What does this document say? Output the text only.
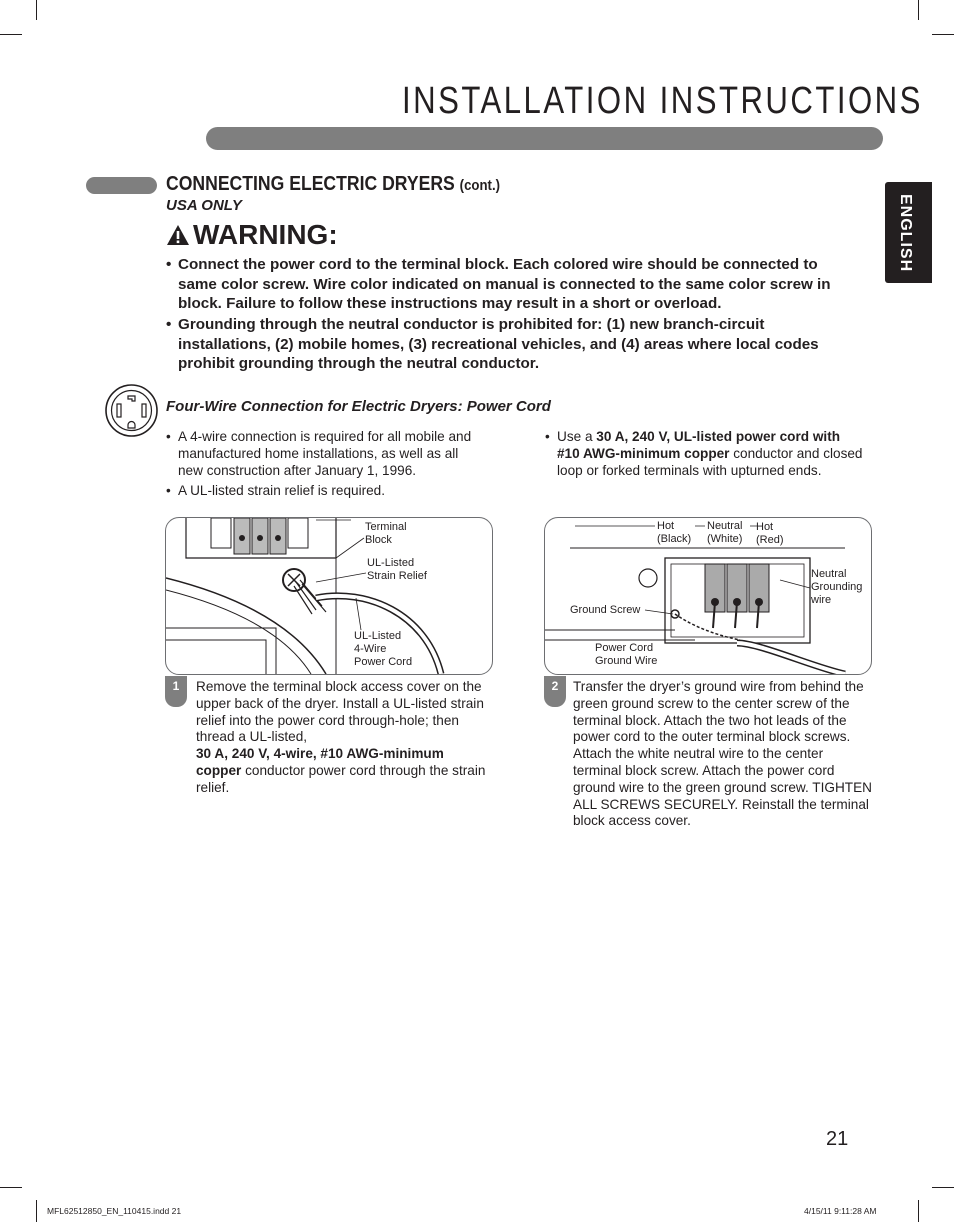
INSTALLATION INSTRUCTIONS
ENGLISH
CONNECTING ELECTRIC DRYERS (cont.)
USA ONLY
WARNING:
• Connect the power cord to the terminal block. Each colored wire should be connected to same color screw. Wire color indicated on manual is connected to the same color screw in block. Failure to follow these instructions may result in a short or overload.
• Grounding through the neutral conductor is prohibited for: (1) new branch-circuit installations, (2) mobile homes, (3) recreational vehicles, and (4) areas where local codes prohibit grounding through the neutral conductor.
Four-Wire Connection for Electric Dryers: Power Cord
• A 4-wire connection is required for all mobile and manufactured home installations, as well as all new construction after January 1, 1996.
• A UL-listed strain relief is required.
• Use a 30 A, 240 V, UL-listed power cord with #10 AWG-minimum copper conductor and closed loop or forked terminals with upturned ends.
Terminal
Block
UL-Listed
Strain Relief
UL-Listed
4-Wire
Power Cord
1	Remove the terminal block access cover on the upper back of the dryer. Install a UL-listed strain relief into the power cord through-hole; then thread a UL-listed,
30 A, 240 V, 4-wire, #10 AWG-minimum copper conductor power cord through the strain relief.
Hot
(Black)
Neutral
(White)
Hot
(Red)
Neutral
Grounding
wire
Ground Screw
Power Cord
Ground Wire
2	Transfer the dryer’s ground wire from behind the green ground screw to the center screw of the terminal block. Attach the two hot leads of the power cord to the outer terminal block screws. Attach the white neutral wire to the center terminal block screw. Attach the power cord ground wire to the green ground screw. TIGHTEN ALL SCREWS SECURELY. Reinstall the terminal block access cover.
21
MFL62512850_EN_110415.indd 21	4/15/11 9:11:28 AM
